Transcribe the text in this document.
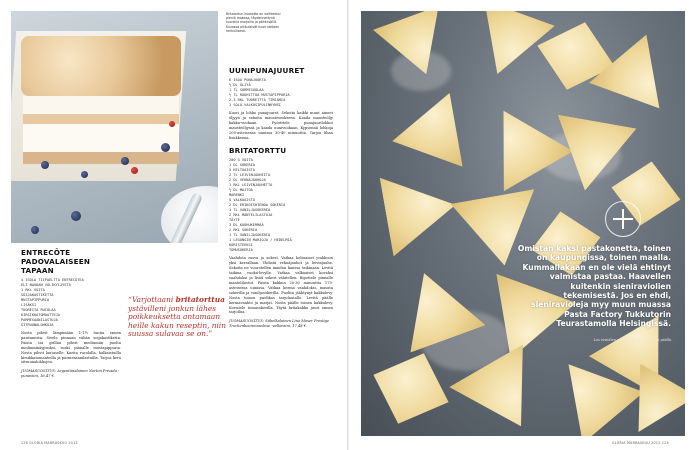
Britatortun kuoketta on vaihteeksi pieniä makeaa, täydennettynä tuoreilla marjoilla ja pähkinöillä. Kuvassa pikkuleivät kuorrutetaan herkullisesti.

ENTRECÔTE

PADOVALAISEEN TAPAAN

4 ISOLA TIIPAELTTA ENTRECÔTEA

ELI NAUDAN VÄLIKYLJYSTÄ

1 RKL VOITA

SOIJAKASTIKETTA

MUSTAPIPPURIA

LISÄKSI

TUOREITA RUCOLAA

KIRSIKKATOMAATTEJA

PARMESAANILASTUJA

SITRUUNALOHKOJA

Nosta pihvit lämpimään 1-1½ tuntia ennen paistamista. Sivele pinnaan vähän soijakastiketta. Paista tai grillaa pihvit mediumiin puolta mediummäypsuksi, ruski pinnalle mustapippuria. Nosta pihvit lautaselle. Kurita rucolalla, halkaistuilla kirsikkatomaateilla ja parmesaanilastuilla. Tarjoa kera sitruunalohkojen.

JUOMASUOSITUS: Argentiinalainen Norton Privada -punaviini, 16,47 €.

“Varjottaani britatorttua ystävilleni jonkun lähes poikkeuksetta antamaan heille kakun reseptin, niin suussa sulavaa se on.”

UUNIPUNAJUURET

6 ISOA PUNAJUURTA

½ DL ÖLJYÄ

1 TL SORMISUOLAA

½ TL ROUHITTUA MUSTAPIPPURIA

2-3 RKL TUOREITTA TIMJAMIA

1 SOLO-VALKOSIPULINKYNSI

Kuori ja lohko punajuuret. Sekoita kaikki muut aineet öljyyn ja sekoita mausteseokseen. Kaada mausteöljy kakku-vuokaan. Pyörittele punajuurilohkot mausteöljyssä ja kaada uunivuokaan. Kypsennä lohkoja 200-asteisessa uunissa 30-40 minuuttia. Tarjoa lihan lisukkeena.

BRITATORTTU

200 G VOITA

1 DL SOKERIA

5 KELTUAISTA

2 TL LEIVINJAUHEITA

2 DL VEHNÄJAUHOJA

1 RKL LEIVINJAUHETTA

½ DL MAITOA

MARENKI

5 VALKUAISTA

2 DL ERIKOISHIENOA SOKERIA

1 TL VANILJASOKERIA

2 RKL MANTELILASTUJA

TÄYTE

3 DL KUOHUKERMAA

2 RKL SOKERIA

1 TL VANILJASOKERIA

1 LEGONGIN MARJOJA / HEDELMIÄ

KORISTEEKSI

TOMUSOKERIA

Vaahdota rasva ja sokeri. Vatkaa keltuaiset joukkoon yksi kerrallaan. Yhdistä vehnäjauhot ja leivinjauhe. Sekoita ne vuorotellen maidon kanssa taikinaan. Levitä taikina vuoka-levylle. Vatkaa valkuaiset kovaksi vaahdoksi ja lisää sokeri vähitellen. Ripottele pinnalle mantelilastut. Paista kakkua 20-30 minuuttia 175-asteisessa uunissa. Vatkaa kerma vaahdoksi, mausta sokerilla ja vaniljasokerilla. Puolita jäähtynyt kakkulevy. Nosta toinen puolikas tarjolautalle. Levitä päälle kermavaahto ja marjat. Nosta päälle toinen kakkulevy. Koristele tomusokerilla. Täytä britakakku juuri ennen tarjoilua.

JUOMASUOSITUS: Säbolkalainen Lino Moser Prestige Trockenbeerenauslese -valkoviini, 17,48 €.

128 GLORIA MARRASKUU 2012
Omistan kaksi pastakonetta, toinen on kaupungissa, toinen maalla. Kummallakaan en ole vielä ehtinyt valmistaa pastaa. Haavellen kuitenkin sieniraviolien tekemisestä. Jos en ehdi, sieniravioleja myy muun muassa Pasta Factory Tukkutorin Teurastamolla Helsingissä.
Los raviolien ovat kerma-tuorejuuston päällä.
GLORIA MARRASKUU 2012 129
